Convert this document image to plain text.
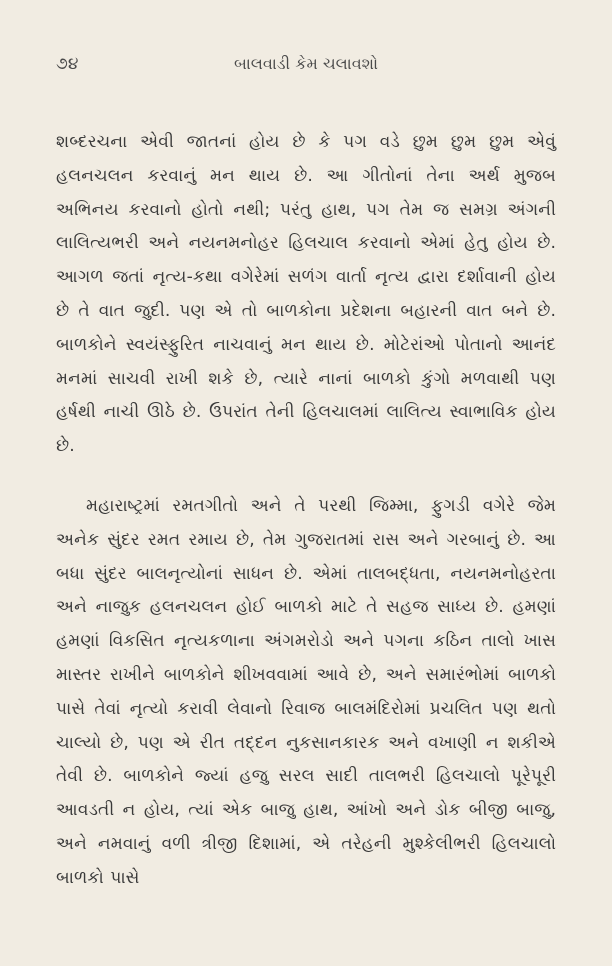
૭૪	બાલવાડી કેમ ચલાવશો

શબ્દરચના એવી જાતનાં હોય છે કે પગ વડે છુમ છુમ છુમ એવું હલનચલન કરવાનું મન થાય છે. આ ગીતોનાં તેના અર્થ મુજબ અભિનય કરવાનો હોતો નથી; પરંતુ હાથ, પગ તેમ જ સમગ્ર અંગની લાલિત્યભરી અને નયનમનોહર હિલચાલ કરવાનો એમાં હેતુ હોય છે. આગળ જતાં નૃત્ય-કથા વગેરેમાં સળંગ વાર્તા નૃત્ય દ્વારા દર્શાવાની હોય છે તે વાત જુદી. પણ એ તો બાળકોના પ્રદેશના બહારની વાત બને છે. બાળકોને સ્વયંસ્ફુરિત નાચવાનું મન થાય છે. મોટેરાંઓ પોતાનો આનંદ મનમાં સાચવી રાખી શકે છે, ત્યારે નાનાં બાળકો કુંગો મળવાથી પણ હર્ષથી નાચી ઊઠે છે. ઉપરાંત તેની હિલચાલમાં લાલિત્ય સ્વાભાવિક હોય છે.

મહારાષ્ટ્રમાં રમતગીતો અને તે પરથી જિમ્મા, ફુગડી વગેરે જેમ અનેક સુંદર રમત રમાય છે, તેમ ગુજરાતમાં રાસ અને ગરબાનું છે. આ બધા સુંદર બાલનૃત્યોનાં સાધન છે. એમાં તાલબદ્ધતા, નયનમનોહરતા અને નાજુક હલનચલન હોઈ બાળકો માટે તે સહજ સાધ્ય છે. હમણાં હમણાં વિકસિત નૃત્યકળાના અંગમરોડો અને પગના કઠિન તાલો ખાસ માસ્તર રાખીને બાળકોને શીખવવામાં આવે છે, અને સમારંભોમાં બાળકો પાસે તેવાં નૃત્યો કરાવી લેવાનો રિવાજ બાલમંદિરોમાં પ્રચલિત પણ થતો ચાલ્યો છે, પણ એ રીત તદ્દન નુકસાનકારક અને વખાણી ન શકીએ તેવી છે. બાળકોને જ્યાં હજુ સરલ સાદી તાલભરી હિલચાલો પૂરેપૂરી આવડતી ન હોય, ત્યાં એક બાજુ હાથ, આંખો અને ડોક બીજી બાજુ, અને નમવાનું વળી ત્રીજી દિશામાં, એ તરેહની મુશ્કેલીભરી હિલચાલો બાળકો પાસે
